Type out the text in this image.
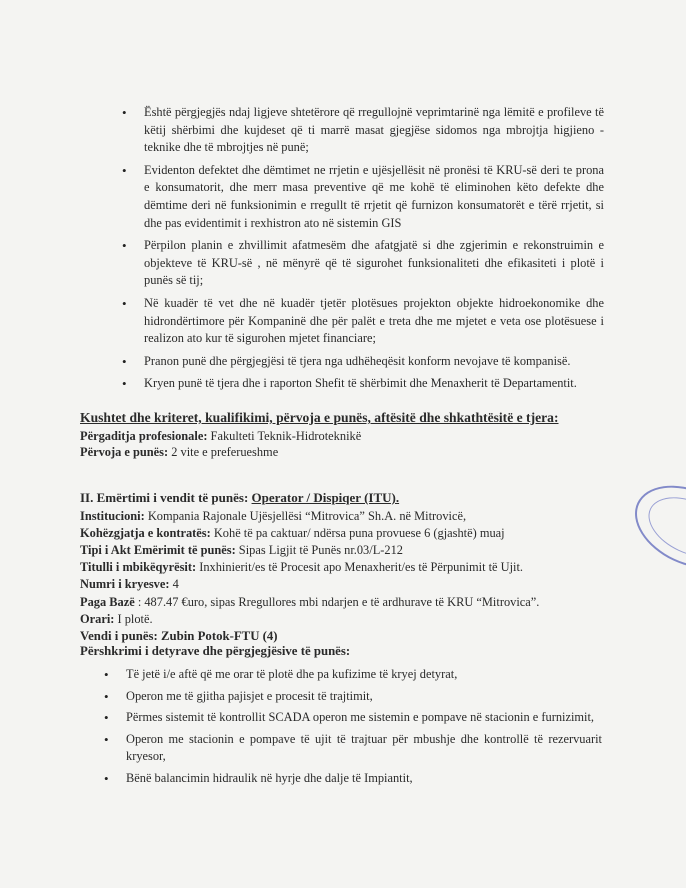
• Është përgjegjës ndaj ligjeve shtetërore që rregullojnë veprimtarinë nga lëmitë e profileve të këtij shërbimi dhe kujdeset që ti marrë masat gjegjëse sidomos nga mbrojtja higjieno - teknike dhe të mbrojtjes në punë;
• Evidenton defektet dhe dëmtimet ne rrjetin e ujësjellësit në pronësi të KRU-së deri te prona e konsumatorit, dhe merr masa preventive që me kohë të eliminohen këto defekte dhe dëmtime deri në funksionimin e rregullt të rrjetit që furnizon konsumatorët e tërë rrjetit, si dhe pas evidentimit i rexhistron ato në sistemin GIS
• Përpilon planin e zhvillimit afatmesëm dhe afatgjatë si dhe zgjerimin e rekonstruimin e objekteve të KRU-së , në mënyrë që të sigurohet funksionaliteti dhe efikasiteti i plotë i punës së tij;
• Në kuadër të vet dhe në kuadër tjetër plotësues projekton objekte hidroekonomike dhe hidrondërtimore për Kompaninë dhe për palët e treta dhe me mjetet e veta ose plotësuese i realizon ato kur të sigurohen mjetet financiare;
• Pranon punë dhe përgjegjësi të tjera nga udhëheqësit konform nevojave të kompanisë.
• Kryen punë të tjera dhe i raporton Shefit të shërbimit dhe Menaxherit të Departamentit.
Kushtet dhe kriteret, kualifikimi, përvoja e punës, aftësitë dhe shkathtësitë e tjera:
Përgaditja profesionale: Fakulteti Teknik-Hidroteknikë
Përvoja e punës: 2 vite e preferueshme
II. Emërtimi i vendit të punës: Operator / Dispiqer (ITU).
Institucioni: Kompania Rajonale Ujësjellësi “Mitrovica” Sh.A. në Mitrovicë,
Kohëzgjatja e kontratës: Kohë të pa caktuar/ ndërsa puna provuese 6 (gjashtë) muaj
Tipi i Akt Emërimit të punës: Sipas Ligjit të Punës nr.03/L-212
Titulli i mbikëqyrësit: Inxhinierit/es të Procesit apo Menaxherit/es të Përpunimit të Ujit.
Numri i kryesve: 4
Paga Bazë : 487.47 €uro, sipas Rregullores mbi ndarjen e të ardhurave të KRU “Mitrovica”.
Orari: I plotë.
Vendi i punës: Zubin Potok-FTU (4)
Përshkrimi i detyrave dhe përgjegjësive të punës:
• Të jetë i/e aftë që me orar të plotë dhe pa kufizime të kryej detyrat,
• Operon me të gjitha pajisjet e procesit të trajtimit,
• Përmes sistemit të kontrollit SCADA operon me sistemin e pompave në stacionin e furnizimit,
• Operon me stacionin e pompave të ujit të trajtuar për mbushje dhe kontrollë të rezervuarit kryesor,
• Bënë balancimin hidraulik në hyrje dhe dalje të Impiantit,
